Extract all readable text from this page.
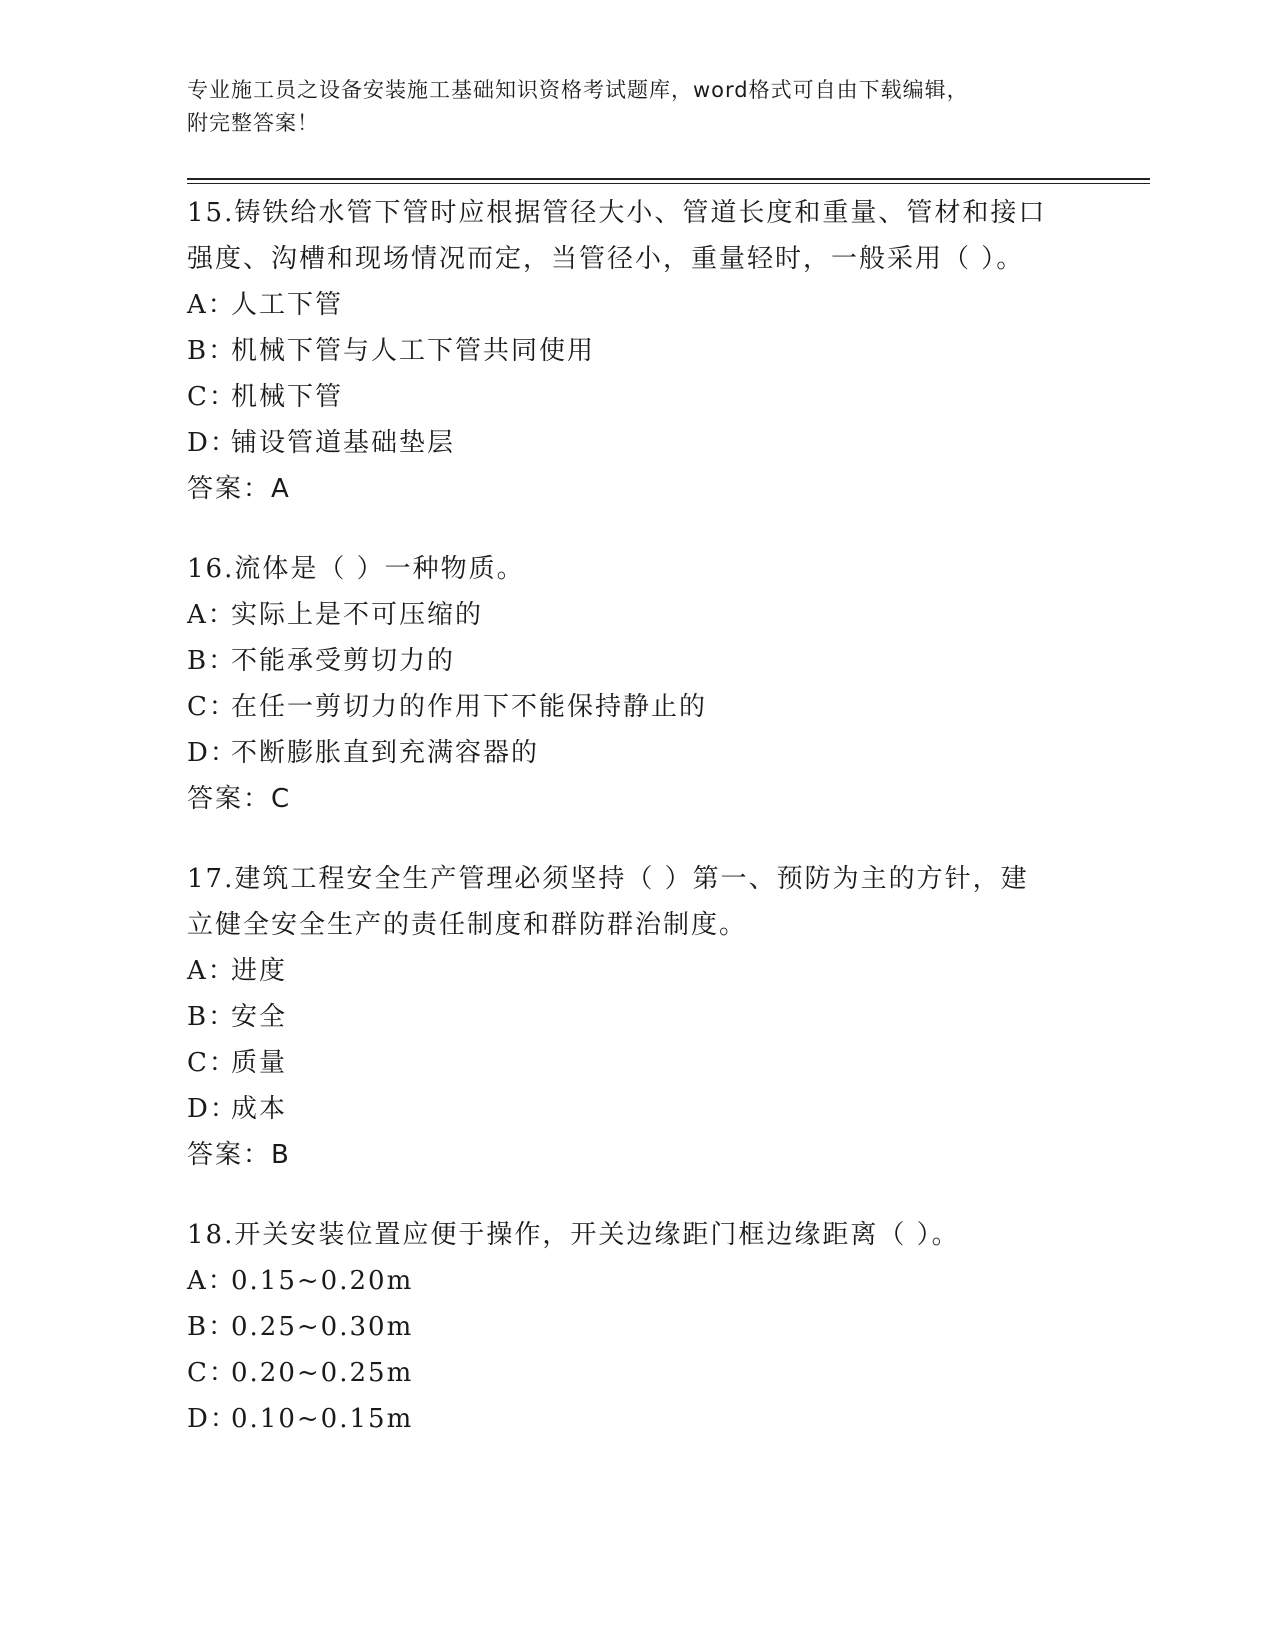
专业施工员之设备安装施工基础知识资格考试题库，word格式可自由下载编辑，
附完整答案！
15.铸铁给水管下管时应根据管径大小、管道长度和重量、管材和接口
强度、沟槽和现场情况而定，当管径小，重量轻时，一般采用（ ）。
A：人工下管
B：机械下管与人工下管共同使用
C：机械下管
D：铺设管道基础垫层
答案：A
16.流体是（ ）一种物质。
A：实际上是不可压缩的
B：不能承受剪切力的
C：在任一剪切力的作用下不能保持静止的
D：不断膨胀直到充满容器的
答案：C
17.建筑工程安全生产管理必须坚持（ ）第一、预防为主的方针，建
立健全安全生产的责任制度和群防群治制度。
A：进度
B：安全
C：质量
D：成本
答案：B
18.开关安装位置应便于操作，开关边缘距门框边缘距离（ ）。
A：0.15~0.20m
B：0.25~0.30m
C：0.20~0.25m
D：0.10~0.15m
